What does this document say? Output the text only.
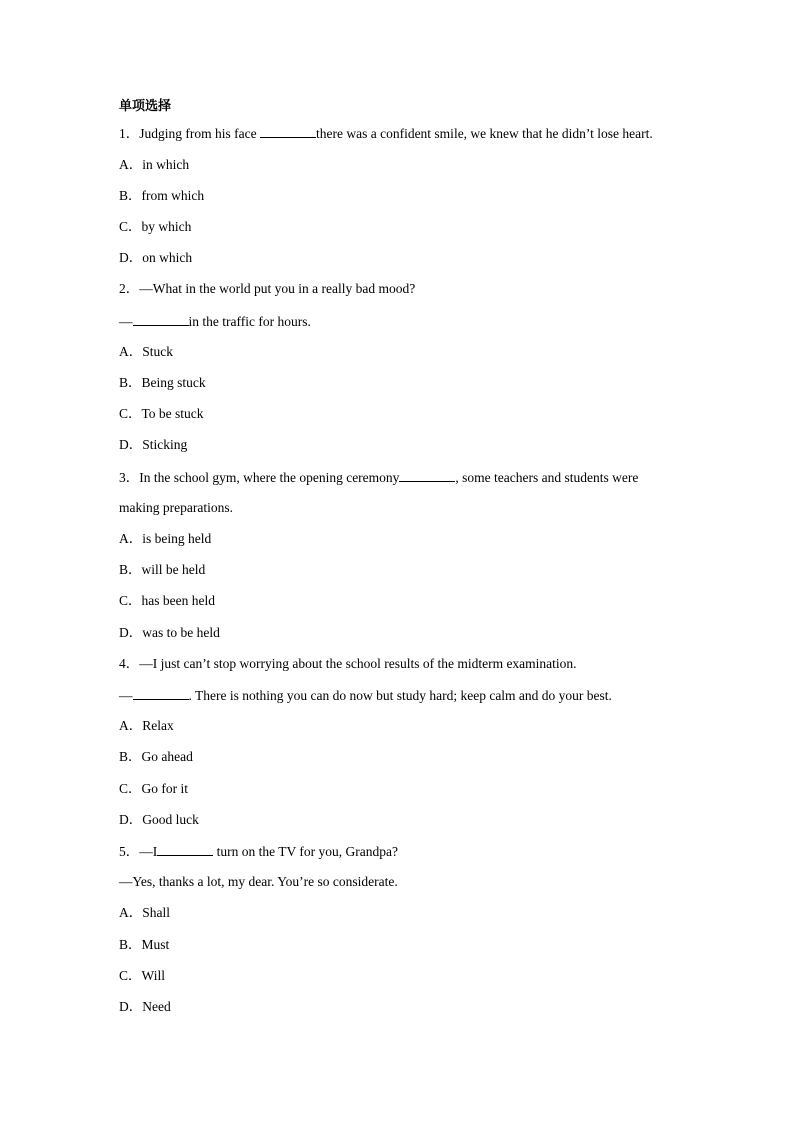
单项选择
1．Judging from his face	there was a confident smile, we knew that he didn’t lose heart.
A．in which
B．from which
C．by which
D．on which
2．—What in the world put you in a really bad mood?
—	in the traffic for hours.
A．Stuck
B．Being stuck
C．To be stuck
D．Sticking
3．In the school gym, where the opening ceremony	, some teachers and students were
making preparations.
A．is being held
B．will be held
C．has been held
D．was to be held
4．—I just can’t stop worrying about the school results of the midterm examination.
—	. There is nothing you can do now but study hard; keep calm and do your best.
A．Relax
B．Go ahead
C．Go for it
D．Good luck
5．—I	turn on the TV for you, Grandpa?
—Yes, thanks a lot, my dear. You’re so considerate.
A．Shall
B．Must
C．Will
D．Need
